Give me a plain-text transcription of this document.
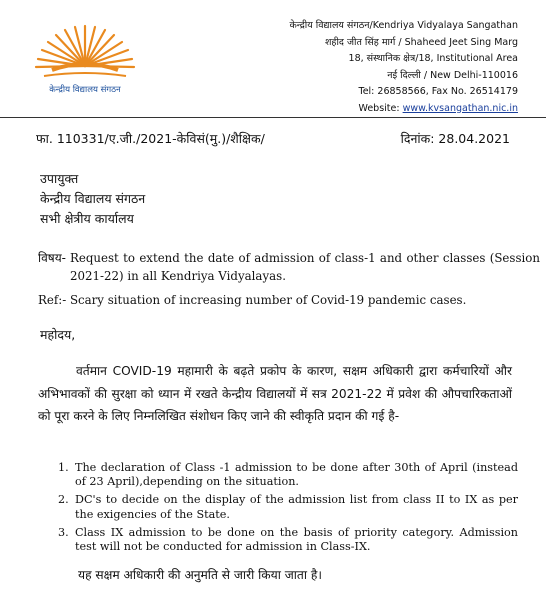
केन्द्रीय विद्यालय संगठन
केन्द्रीय विद्यालय संगठन/Kendriya Vidyalaya Sangathan
शहीद जीत सिंह मार्ग / Shaheed Jeet Sing Marg
18, संस्थानिक क्षेत्र/18, Institutional Area
नई दिल्ली / New Delhi-110016
Tel: 26858566, Fax No. 26514179
Website: www.kvsangathan.nic.in
फा. 110331/ए.जी./2021-केविसं(मु.)/शैक्षिक/	दिनांक: 28.04.2021
उपायुक्त
केन्द्रीय विद्यालय संगठन
सभी क्षेत्रीय कार्यालय
विषय- Request to extend the date of admission of class-1 and other classes (Session 2021-22) in all Kendriya Vidyalayas.
Ref:- Scary situation of increasing number of Covid-19 pandemic cases.
महोदय,
वर्तमान COVID-19 महामारी के बढ़ते प्रकोप के कारण, सक्षम अधिकारी द्वारा कर्मचारियों और अभिभावकों की सुरक्षा को ध्यान में रखते केन्द्रीय विद्यालयों में सत्र 2021-22 में प्रवेश की औपचारिकताओं को पूरा करने के लिए निम्नलिखित संशोधन किए जाने की स्वीकृति प्रदान की गई है-
1. The declaration of Class -1 admission to be done after 30th of April (instead of 23 April),depending on the situation.
2. DC's to decide on the display of the admission list from class II to IX as per the exigencies of the State.
3. Class IX admission to be done on the basis of priority category. Admission test will not be conducted for admission in Class-IX.
यह सक्षम अधिकारी की अनुमति से जारी किया जाता है।
